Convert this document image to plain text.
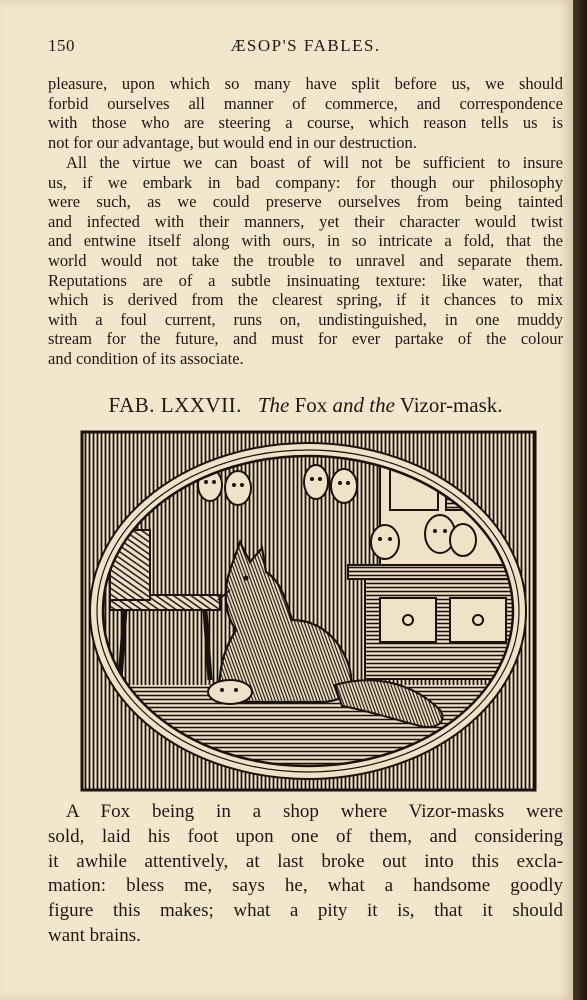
150	ÆSOP'S FABLES.
pleasure, upon which so many have split before us, we should
forbid ourselves all manner of commerce, and correspondence
with those who are steering a course, which reason tells us is
not for our advantage, but would end in our destruction.
All the virtue we can boast of will not be sufficient to insure
us, if we embark in bad company: for though our philosophy
were such, as we could preserve ourselves from being tainted
and infected with their manners, yet their character would twist
and entwine itself along with ours, in so intricate a fold, that the
world would not take the trouble to unravel and separate them.
Reputations are of a subtle insinuating texture: like water, that
which is derived from the clearest spring, if it chances to mix
with a foul current, runs on, undistinguished, in one muddy
stream for the future, and must for ever partake of the colour
and condition of its associate.
FAB. LXXVII. The Fox and the Vizor-mask.
A Fox being in a shop where Vizor-masks were
sold, laid his foot upon one of them, and considering
it awhile attentively, at last broke out into this excla-
mation: bless me, says he, what a handsome goodly
figure this makes; what a pity it is, that it should
want brains.
